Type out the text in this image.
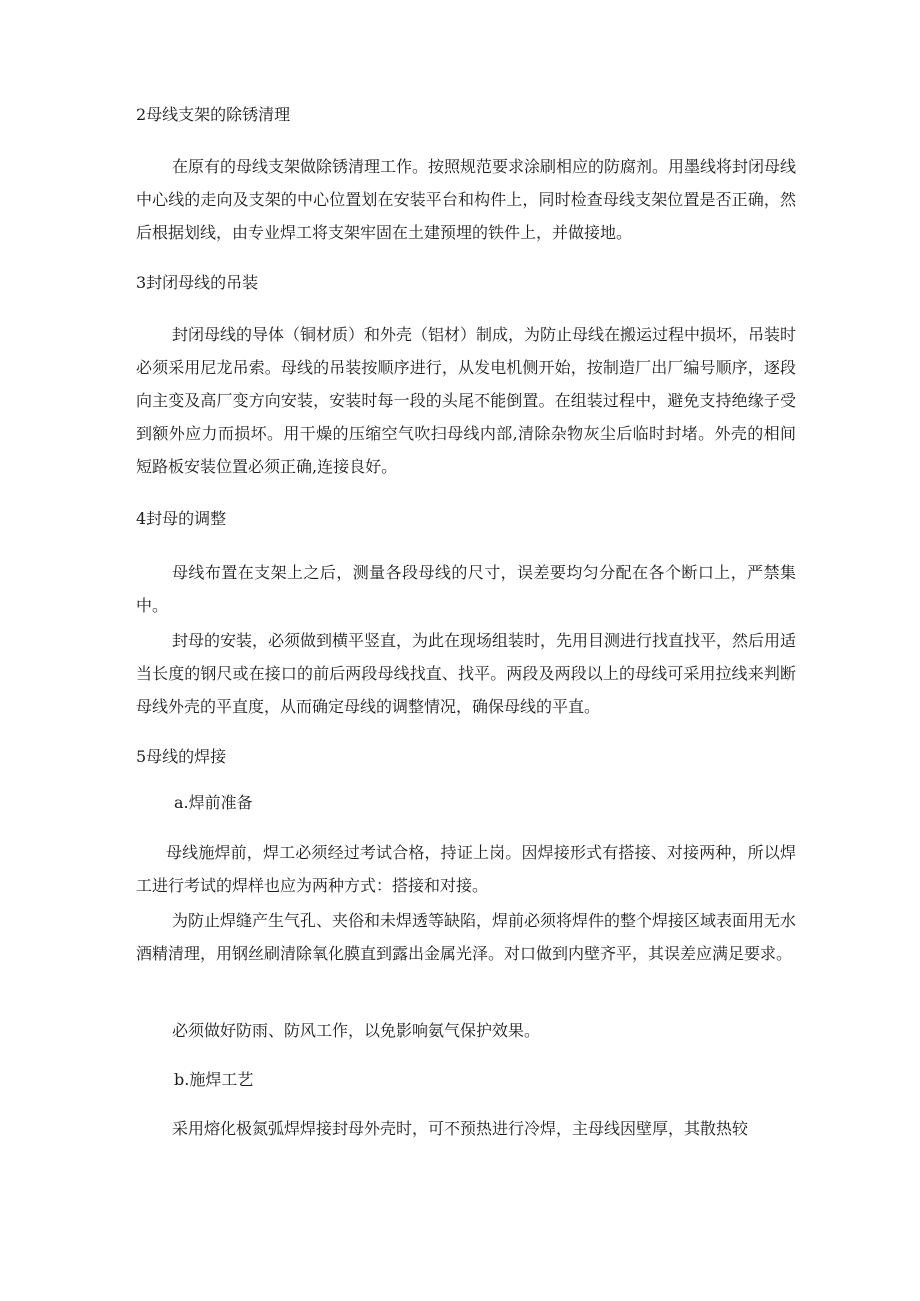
2母线支架的除锈清理
在原有的母线支架做除锈清理工作。按照规范要求涂刷相应的防腐剂。用墨线将封闭母线中心线的走向及支架的中心位置划在安装平台和构件上，同时检查母线支架位置是否正确，然后根据划线，由专业焊工将支架牢固在土建预埋的铁件上，并做接地。
3封闭母线的吊装
封闭母线的导体（铜材质）和外壳（铝材）制成，为防止母线在搬运过程中损坏，吊装时必须采用尼龙吊索。母线的吊装按顺序进行，从发电机侧开始，按制造厂出厂编号顺序，逐段向主变及高厂变方向安装，安装时每一段的头尾不能倒置。在组装过程中，避免支持绝缘子受到额外应力而损坏。用干燥的压缩空气吹扫母线内部,清除杂物灰尘后临时封堵。外壳的相间短路板安装位置必须正确,连接良好。
4封母的调整
母线布置在支架上之后，测量各段母线的尺寸，误差要均匀分配在各个断口上，严禁集中。
封母的安装，必须做到横平竖直，为此在现场组装时，先用目测进行找直找平，然后用适当长度的钢尺或在接口的前后两段母线找直、找平。两段及两段以上的母线可采用拉线来判断母线外壳的平直度，从而确定母线的调整情况，确保母线的平直。
5母线的焊接
a.焊前准备
母线施焊前，焊工必须经过考试合格，持证上岗。因焊接形式有搭接、对接两种，所以焊工进行考试的焊样也应为两种方式：搭接和对接。
为防止焊缝产生气孔、夹俗和未焊透等缺陷，焊前必须将焊件的整个焊接区域表面用无水酒精清理，用钢丝刷清除氧化膜直到露出金属光泽。对口做到内壁齐平，其误差应满足要求。
必须做好防雨、防风工作，以免影响氨气保护效果。
b.施焊工艺
采用熔化极氮弧焊焊接封母外壳时，可不预热进行冷焊，主母线因壁厚，其散热较
